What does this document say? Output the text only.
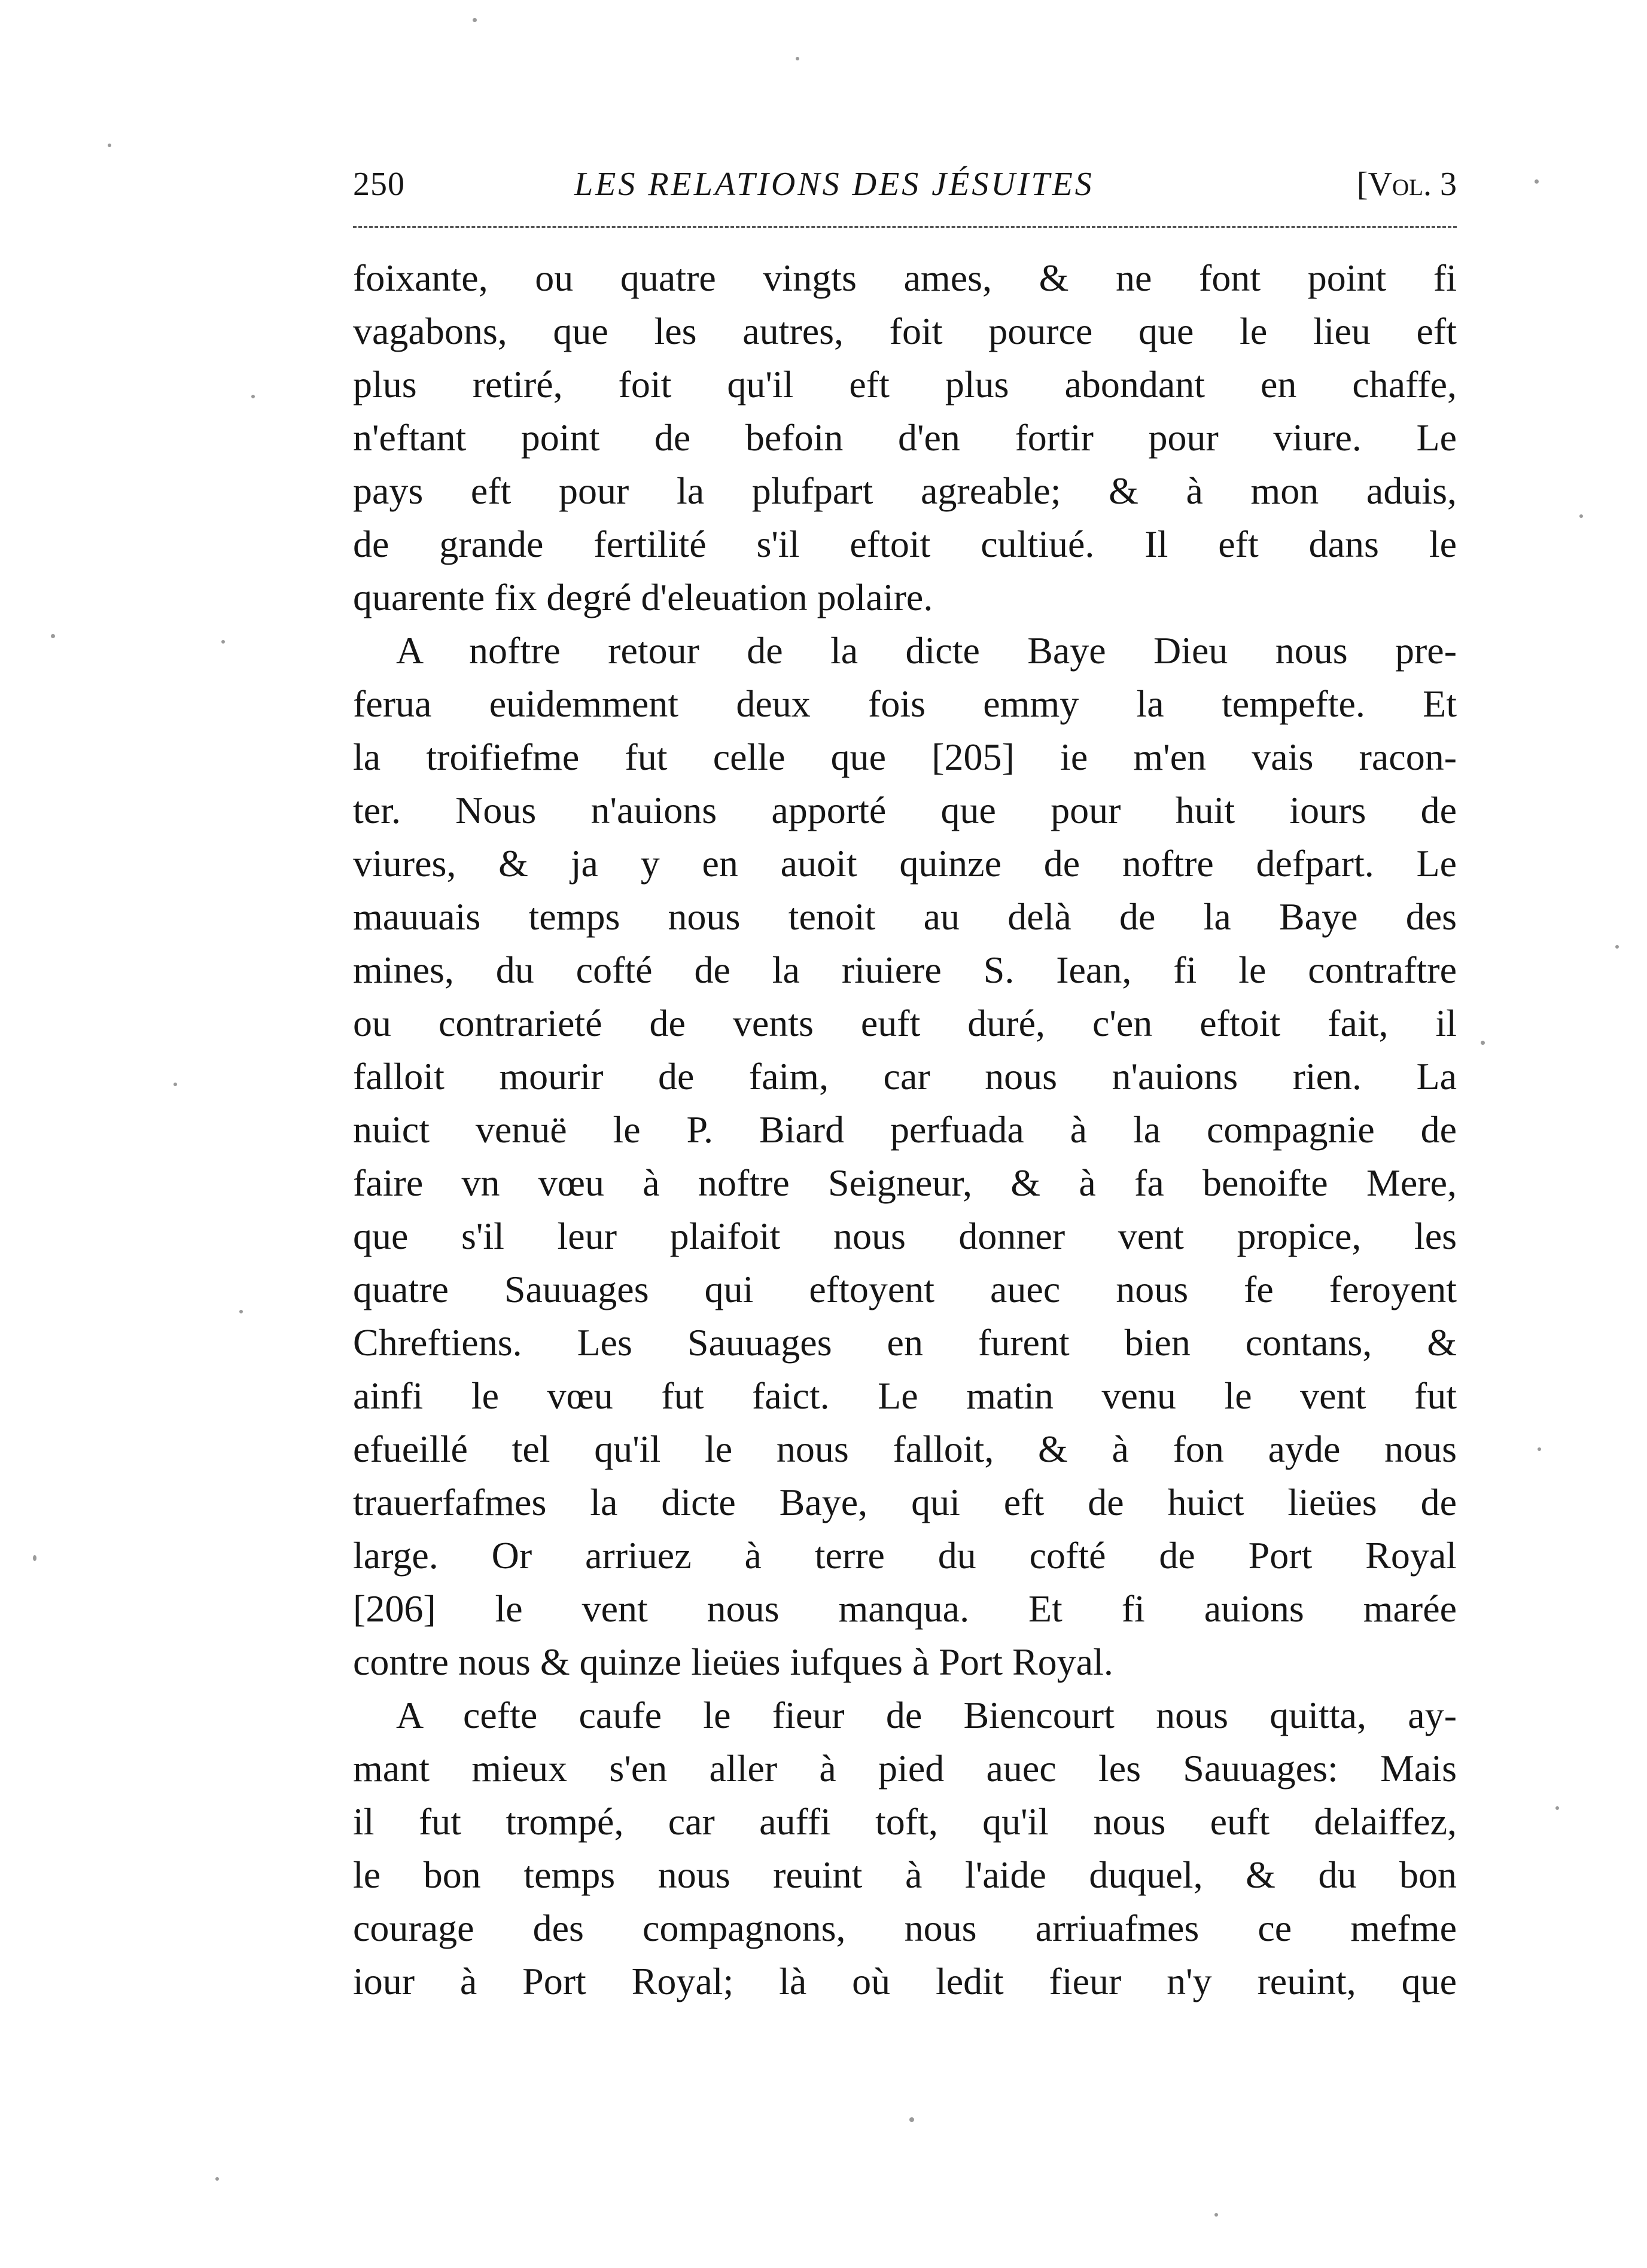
250	LES RELATIONS DES JÉSUITES	[Vol. 3
foixante, ou quatre vingts ames, & ne font point fi
vagabons, que les autres, foit pource que le lieu eft
plus retiré, foit qu'il eft plus abondant en chaffe,
n'eftant point de befoin d'en fortir pour viure. Le
pays eft pour la plufpart agreable; & à mon aduis,
de grande fertilité s'il eftoit cultiué. Il eft dans le
quarente fix degré d'eleuation polaire.
A noftre retour de la dicte Baye Dieu nous pre-
ferua euidemment deux fois emmy la tempefte. Et
la troifiefme fut celle que [205] ie m'en vais racon-
ter. Nous n'auions apporté que pour huit iours de
viures, & ja y en auoit quinze de noftre defpart. Le
mauuais temps nous tenoit au delà de la Baye des
mines, du cofté de la riuiere S. Iean, fi le contraftre
ou contrarieté de vents euft duré, c'en eftoit fait, il
falloit mourir de faim, car nous n'auions rien. La
nuict venuë le P. Biard perfuada à la compagnie de
faire vn vœu à noftre Seigneur, & à fa benoifte Mere,
que s'il leur plaifoit nous donner vent propice, les
quatre Sauuages qui eftoyent auec nous fe feroyent
Chreftiens. Les Sauuages en furent bien contans, &
ainfi le vœu fut faict. Le matin venu le vent fut
efueillé tel qu'il le nous falloit, & à fon ayde nous
trauerfafmes la dicte Baye, qui eft de huict lieües de
large. Or arriuez à terre du cofté de Port Royal
[206] le vent nous manqua. Et fi auions marée
contre nous & quinze lieües iufques à Port Royal.
A cefte caufe le fieur de Biencourt nous quitta, ay-
mant mieux s'en aller à pied auec les Sauuages: Mais
il fut trompé, car auffi toft, qu'il nous euft delaiffez,
le bon temps nous reuint à l'aide duquel, & du bon
courage des compagnons, nous arriuafmes ce mefme
iour à Port Royal; là où ledit fieur n'y reuint, que
